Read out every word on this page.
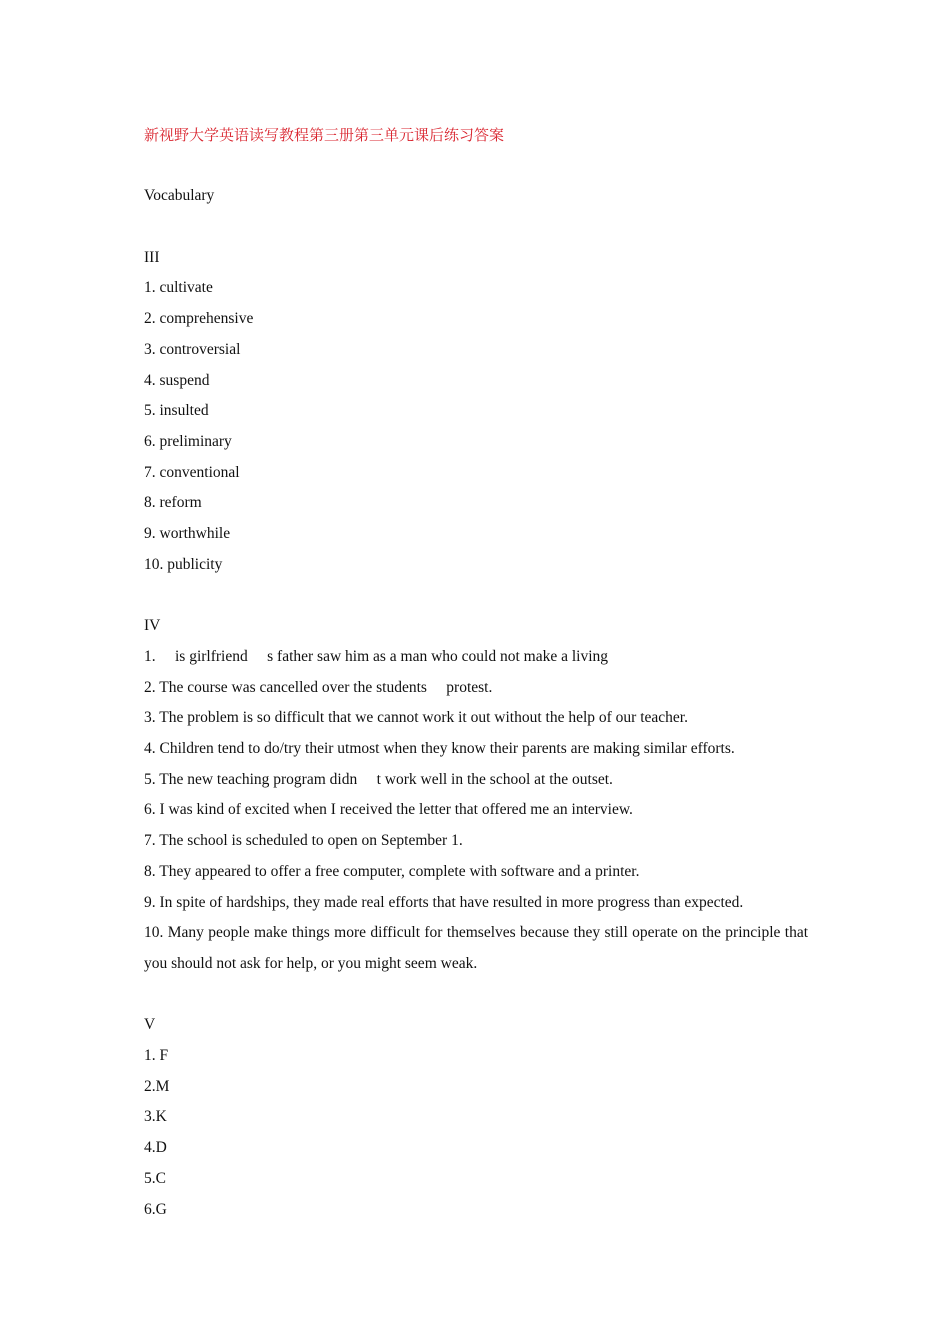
新视野大学英语读写教程第三册第三单元课后练习答案

Vocabulary

III

1. cultivate

2. comprehensive

3. controversial

4. suspend

5. insulted

6. preliminary

7. conventional

8. reform

9. worthwhile

10. publicity

IV

1.     is girlfriend     s father saw him as a man who could not make a living

2. The course was cancelled over the students     protest.

3. The problem is so difficult that we cannot work it out without the help of our teacher.

4. Children tend to do/try their utmost when they know their parents are making similar efforts.

5. The new teaching program didn     t work well in the school at the outset.

6. I was kind of excited when I received the letter that offered me an interview.

7. The school is scheduled to open on September 1.

8. They appeared to offer a free computer, complete with software and a printer.

9. In spite of hardships, they made real efforts that have resulted in more progress than expected.

10. Many people make things more difficult for themselves because they still operate on the principle that you should not ask for help, or you might seem weak.

V

1. F

2.M

3.K

4.D

5.C

6.G
